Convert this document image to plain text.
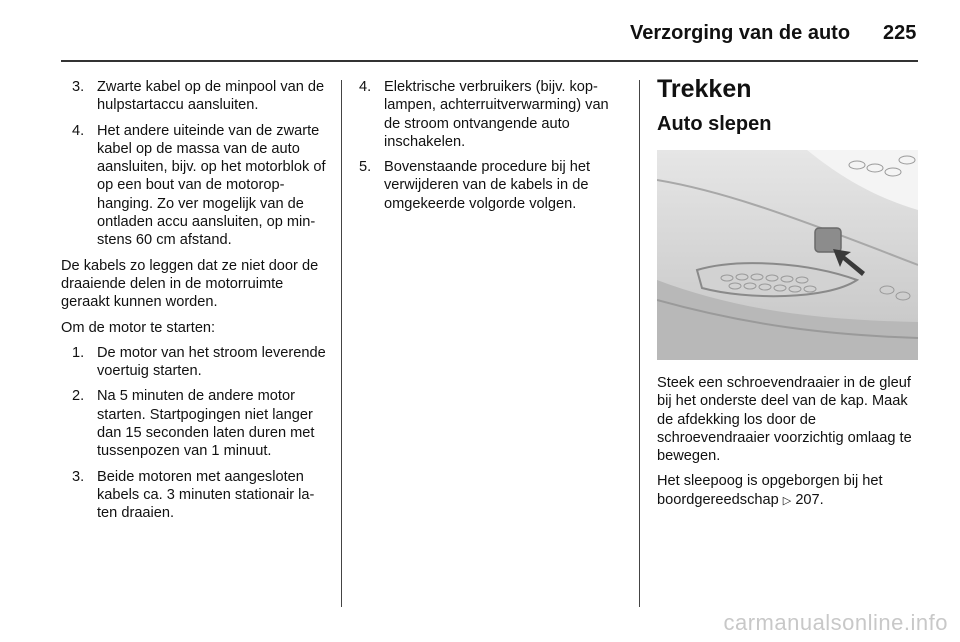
Verzorging van de auto 225
3. Zwarte kabel op de minpool van de hulpstartaccu aansluiten.
4. Het andere uiteinde van de zwarte kabel op de massa van de auto aansluiten, bijv. op het motorblok of op een bout van de motorophanging. Zo ver mogelijk van de ontladen accu aansluiten, op minstens 60 cm afstand.

De kabels zo leggen dat ze niet door de draaiende delen in de motorruimte geraakt kunnen worden.

Om de motor te starten:

1. De motor van het stroom leverende voertuig starten.
2. Na 5 minuten de andere motor starten. Startpogingen niet langer dan 15 seconden laten duren met tussenpozen van 1 minuut.
3. Beide motoren met aangesloten kabels ca. 3 minuten stationair laten draaien.
4. Elektrische verbruikers (bijv. koplampen, achterruitverwarming) van de stroom ontvangende auto inschakelen.
5. Bovenstaande procedure bij het verwijderen van de kabels in de omgekeerde volgorde volgen.
Trekken
Auto slepen

Steek een schroevendraaier in de gleuf bij het onderste deel van de kap. Maak de afdekking los door de schroevendraaier voorzichtig omlaag te bewegen.

Het sleepoog is opgeborgen bij het boordgereedschap ▷ 207.

carmanualsonline.info
